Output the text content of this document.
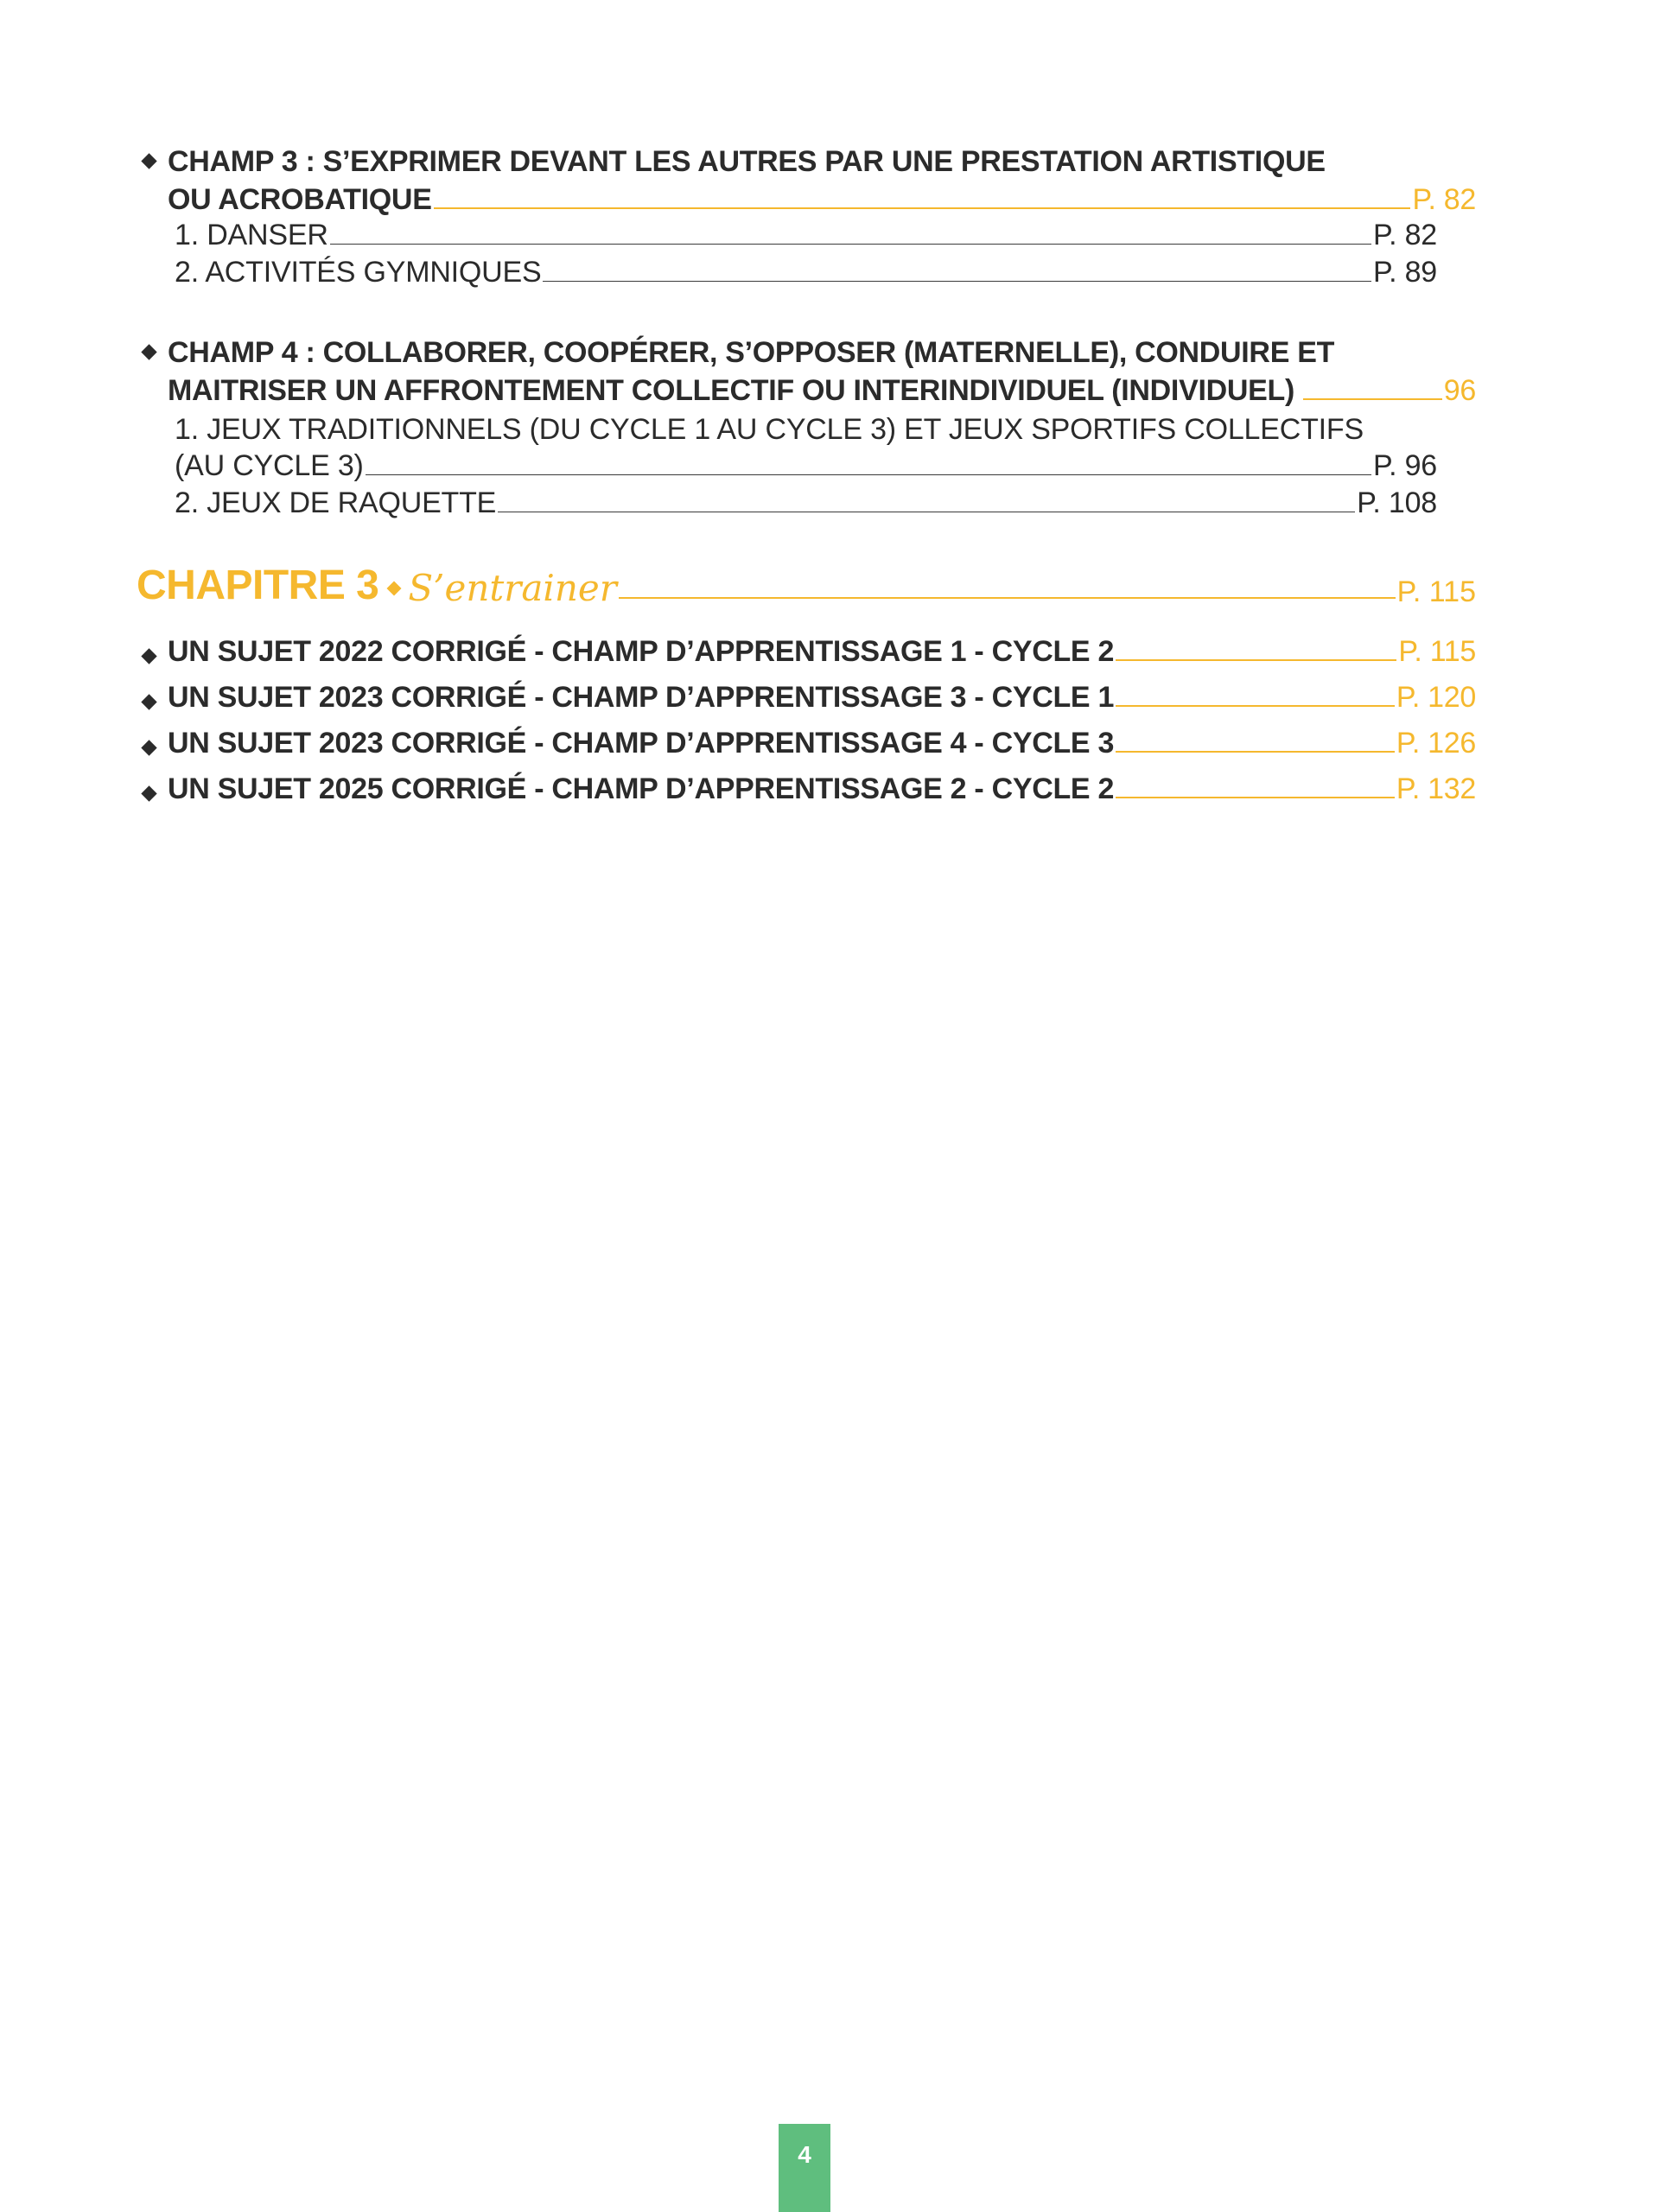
CHAMP 3 : S’EXPRIMER DEVANT LES AUTRES PAR UNE PRESTATION ARTISTIQUE
OU ACROBATIQUE	P. 82
1. DANSER	P. 82
2. ACTIVITÉS GYMNIQUES	P. 89
CHAMP 4 : COLLABORER, COOPÉRER, S’OPPOSER (MATERNELLE), CONDUIRE ET
MAITRISER UN AFFRONTEMENT COLLECTIF OU INTERINDIVIDUEL (INDIVIDUEL)	96
1. JEUX TRADITIONNELS (DU CYCLE 1 AU CYCLE 3) ET JEUX SPORTIFS COLLECTIFS
(AU CYCLE 3)	P. 96
2. JEUX DE RAQUETTE	P. 108
CHAPITRE 3 S’entrainer	P. 115
UN SUJET 2022 CORRIGÉ - CHAMP D’APPRENTISSAGE 1 - CYCLE 2	P. 115
UN SUJET 2023 CORRIGÉ - CHAMP D’APPRENTISSAGE 3 - CYCLE 1	P. 120
UN SUJET 2023 CORRIGÉ - CHAMP D’APPRENTISSAGE 4 - CYCLE 3	P. 126
UN SUJET 2025 CORRIGÉ - CHAMP D’APPRENTISSAGE 2 - CYCLE 2	P. 132
4
